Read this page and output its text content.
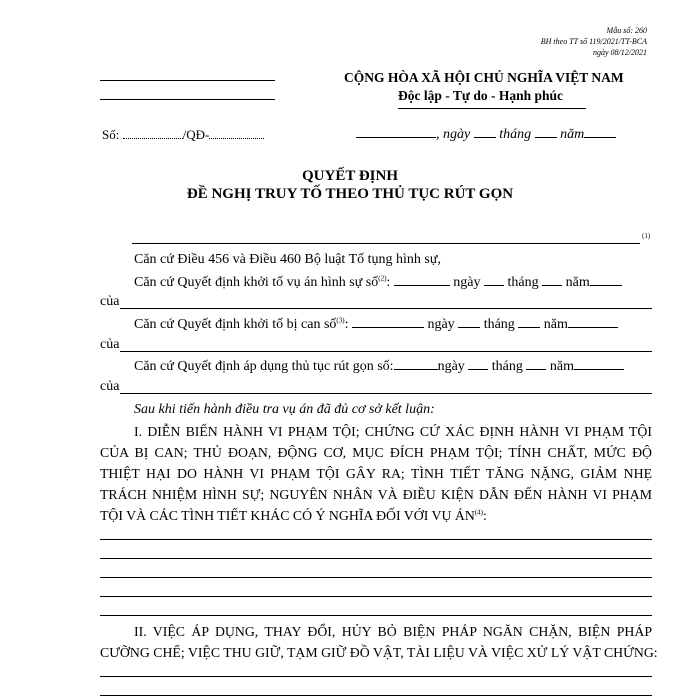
Mẫu số: 260
BH theo TT số 119/2021/TT-BCA
ngày 08/12/2021
CỘNG HÒA XÃ HỘI CHỦ NGHĨA VIỆT NAM
Độc lập - Tự do - Hạnh phúc
Số:	/QĐ-	, ngày tháng năm
QUYẾT ĐỊNH
ĐỀ NGHỊ TRUY TỐ THEO THỦ TỤC RÚT GỌN
(1)
Căn cứ Điều 456 và Điều 460 Bộ luật Tố tụng hình sự,
Căn cứ Quyết định khởi tố vụ án hình sự số$^{(2)}$:	ngày tháng năm
của
Căn cứ Quyết định khởi tố bị can số$^{(3)}$:	ngày tháng năm
của
Căn cứ Quyết định áp dụng thủ tục rút gọn số:	ngày tháng năm
của
Sau khi tiến hành điều tra vụ án đã đủ cơ sở kết luận:
I. DIỄN BIẾN HÀNH VI PHẠM TỘI; CHỨNG CỨ XÁC ĐỊNH HÀNH VI PHẠM TỘI
CỦA BỊ CAN; THỦ ĐOẠN, ĐỘNG CƠ, MỤC ĐÍCH PHẠM TỘI; TÍNH CHẤT, MỨC ĐỘ
THIỆT HẠI DO HÀNH VI PHẠM TỘI GÂY RA; TÌNH TIẾT TĂNG NẶNG, GIẢM NHẸ
TRÁCH NHIỆM HÌNH SỰ; NGUYÊN NHÂN VÀ ĐIỀU KIỆN DẪN ĐẾN HÀNH VI PHẠM
TỘI VÀ CÁC TÌNH TIẾT KHÁC CÓ Ý NGHĨA ĐỐI VỚI VỤ ÁN$^{(4)}$:
II. VIỆC ÁP DỤNG, THAY ĐỔI, HỦY BỎ BIỆN PHÁP NGĂN CHẶN, BIỆN PHÁP
CƯỠNG CHẾ; VIỆC THU GIỮ, TẠM GIỮ ĐỒ VẬT, TÀI LIỆU VÀ VIỆC XỬ LÝ VẬT CHỨNG:
